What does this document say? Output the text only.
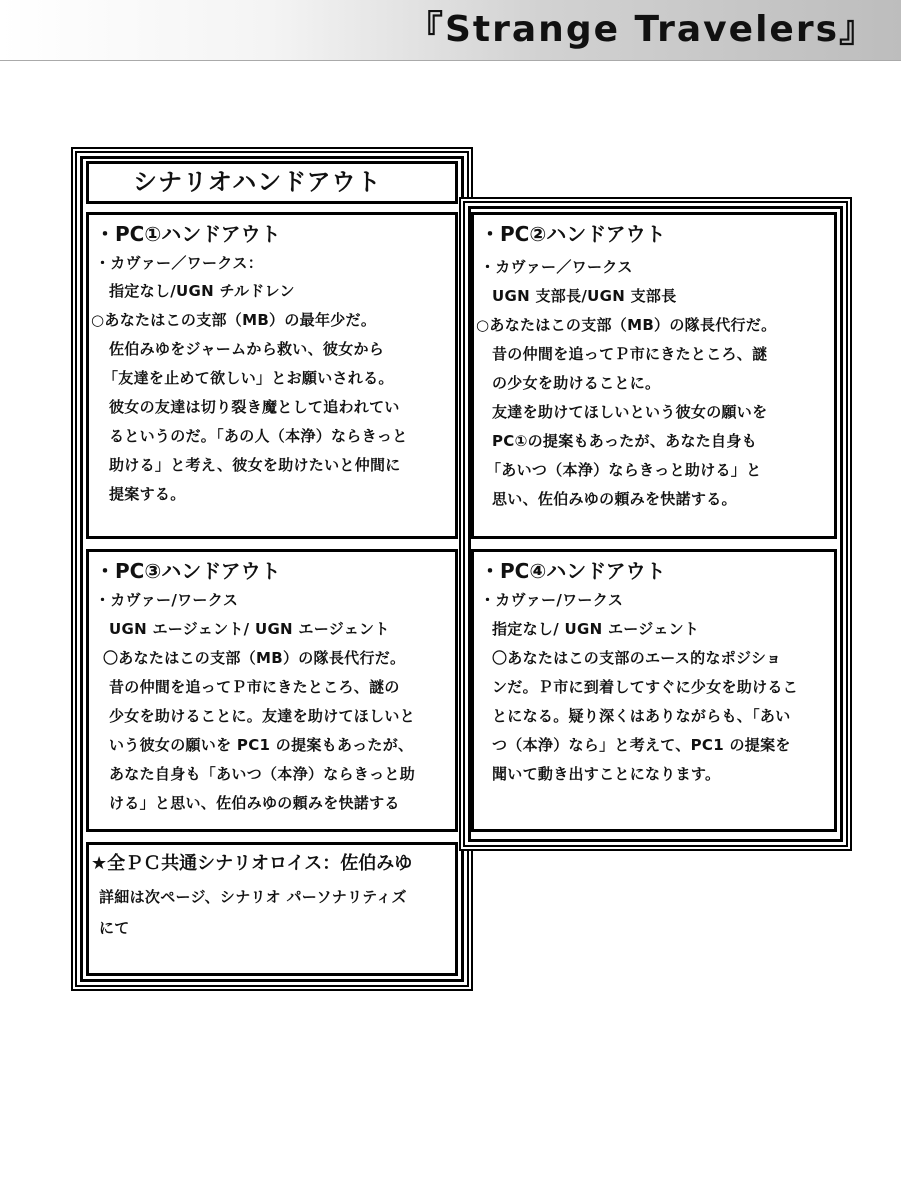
『Strange Travelers』
シナリオハンドアウト
・PC①ハンドアウト
・カヴァー／ワークス：
指定なし/UGN チルドレン
○あなたはこの支部（MB）の最年少だ。
佐伯みゆをジャームから救い、彼女から
「友達を止めて欲しい」とお願いされる。
彼女の友達は切り裂き魔として追われてい
るというのだ。「あの人（本浄）ならきっと
助ける」と考え、彼女を助けたいと仲間に
提案する。
・PC②ハンドアウト
・カヴァー／ワークス
UGN 支部長/UGN 支部長
○あなたはこの支部（MB）の隊長代行だ。
昔の仲間を追ってＰ市にきたところ、謎
の少女を助けることに。
友達を助けてほしいという彼女の願いを
PC①の提案もあったが、あなた自身も
「あいつ（本浄）ならきっと助ける」と
思い、佐伯みゆの頼みを快諾する。
・PC③ハンドアウト
・カヴァー/ワークス
UGN エージェント/ UGN エージェント
〇あなたはこの支部（MB）の隊長代行だ。
昔の仲間を追ってＰ市にきたところ、謎の
少女を助けることに。友達を助けてほしいと
いう彼女の願いを PC1 の提案もあったが、
あなた自身も「あいつ（本浄）ならきっと助
ける」と思い、佐伯みゆの頼みを快諾する
・PC④ハンドアウト
・カヴァー/ワークス
指定なし/ UGN エージェント
〇あなたはこの支部のエース的なポジショ
ンだ。Ｐ市に到着してすぐに少女を助けるこ
とになる。疑り深くはありながらも、「あい
つ（本浄）なら」と考えて、PC1 の提案を
聞いて動き出すことになります。
★全ＰＣ共通シナリオロイス：佐伯みゆ
詳細は次ページ、シナリオ パーソナリティズ
にて
